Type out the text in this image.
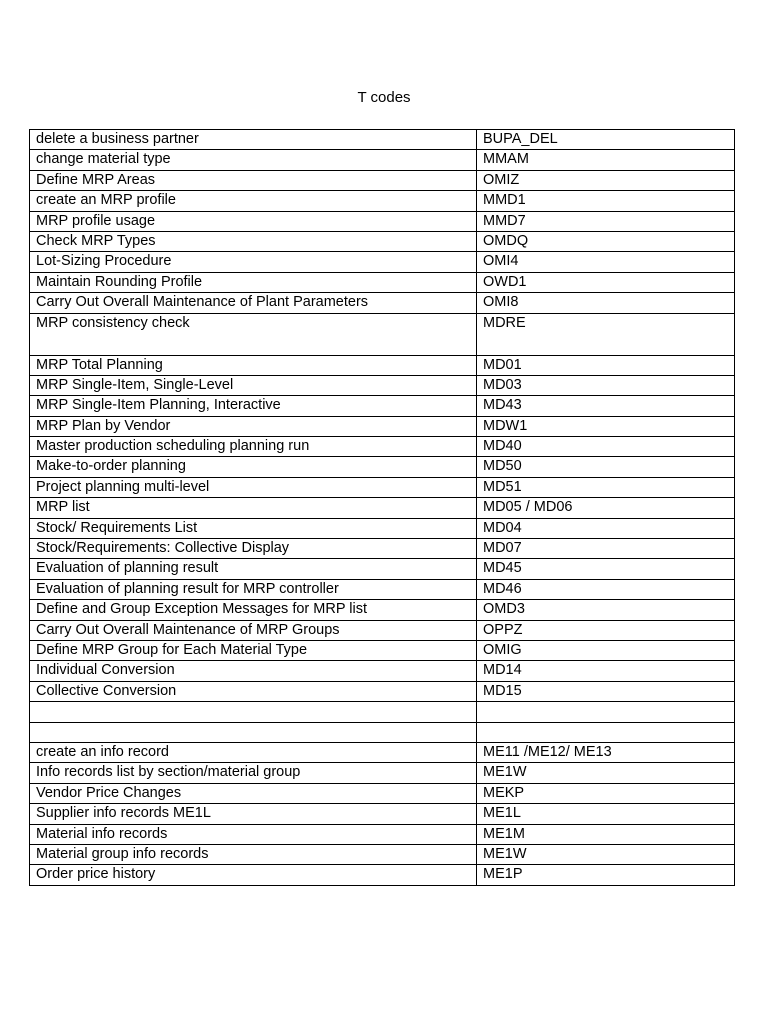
T codes
delete a business partner	BUPA_DEL
change material type	MMAM
Define MRP Areas	OMIZ
create an MRP profile	MMD1
MRP profile usage	MMD7
Check MRP Types	OMDQ
Lot-Sizing Procedure	OMI4
Maintain Rounding Profile	OWD1
Carry Out Overall Maintenance of Plant Parameters	OMI8
MRP consistency check	MDRE
MRP Total Planning	MD01
MRP Single-Item, Single-Level	MD03
MRP Single-Item Planning, Interactive	MD43
MRP Plan by Vendor	MDW1
Master production scheduling planning run	MD40
Make-to-order planning	MD50
Project planning multi-level	MD51
MRP list	MD05 / MD06
Stock/ Requirements List	MD04
Stock/Requirements: Collective Display	MD07
Evaluation of planning result	MD45
Evaluation of planning result for MRP controller	MD46
Define and Group Exception Messages for MRP list	OMD3
Carry Out Overall Maintenance of MRP Groups	OPPZ
Define MRP Group for Each Material Type	OMIG
Individual Conversion	MD14
Collective Conversion	MD15

create an info record	ME11 /ME12/ ME13
Info records list by section/material group	ME1W
Vendor Price Changes	MEKP
Supplier info records ME1L	ME1L
Material info records	ME1M
Material group info records	ME1W
Order price history	ME1P
